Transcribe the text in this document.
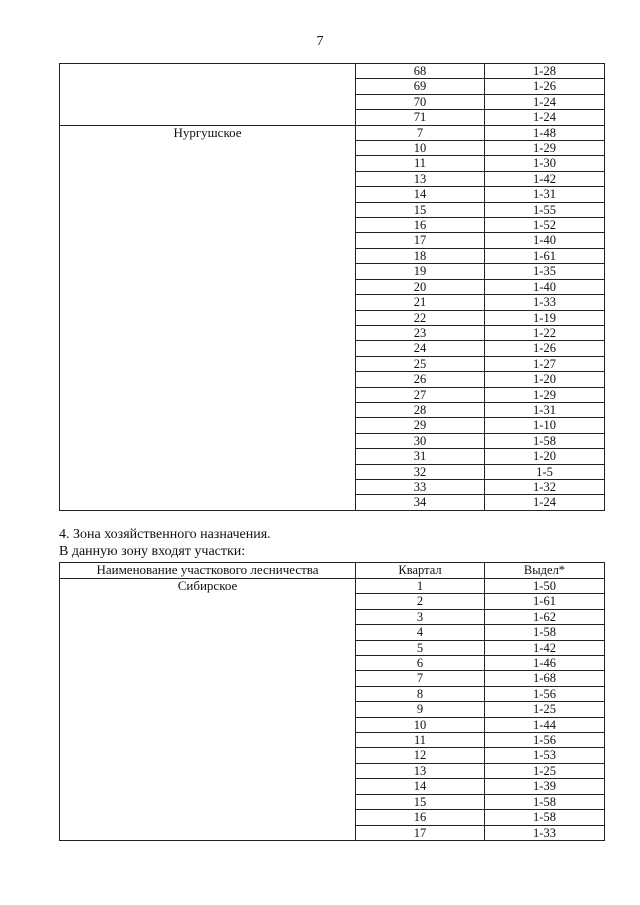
7
	68	1-28
	69	1-26
	70	1-24
	71	1-24
Нургушское	7	1-48
	10	1-29
	11	1-30
	13	1-42
	14	1-31
	15	1-55
	16	1-52
	17	1-40
	18	1-61
	19	1-35
	20	1-40
	21	1-33
	22	1-19
	23	1-22
	24	1-26
	25	1-27
	26	1-20
	27	1-29
	28	1-31
	29	1-10
	30	1-58
	31	1-20
	32	1-5
	33	1-32
	34	1-24
4. Зона хозяйственного назначения.
В данную зону входят участки:
Наименование участкового лесничества	Квартал	Выдел*
Сибирское	1	1-50
	2	1-61
	3	1-62
	4	1-58
	5	1-42
	6	1-46
	7	1-68
	8	1-56
	9	1-25
	10	1-44
	11	1-56
	12	1-53
	13	1-25
	14	1-39
	15	1-58
	16	1-58
	17	1-33
